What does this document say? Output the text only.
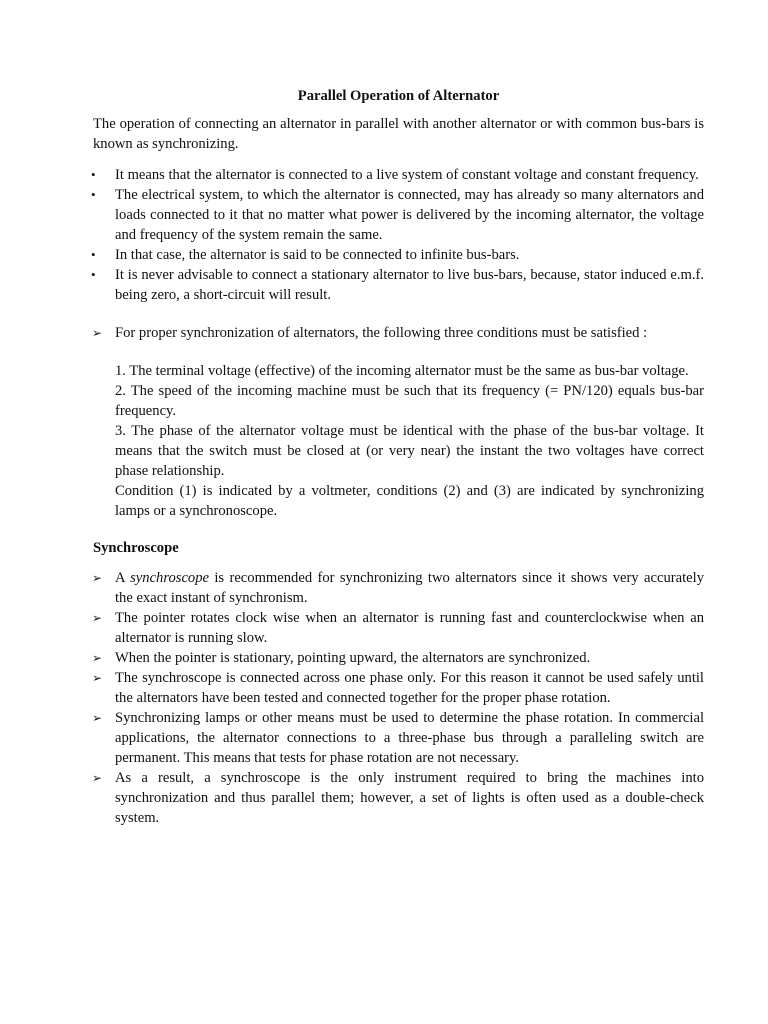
Parallel Operation of Alternator

The operation of connecting an alternator in parallel with another alternator or with common bus-bars is known as synchronizing.

•	It means that the alternator is connected to a live system of constant voltage and constant frequency.
•	The electrical system, to which the alternator is connected, may has already so many alternators and loads connected to it that no matter what power is delivered by the incoming alternator, the voltage and frequency of the system remain the same.
•	In that case, the alternator is said to be connected to infinite bus-bars.
•	It is never advisable to connect a stationary alternator to live bus-bars, because, stator induced e.m.f. being zero, a short-circuit will result.
➢ For proper synchronization of alternators, the following three conditions must be satisfied :

1. The terminal voltage (effective) of the incoming alternator must be the same as bus-bar voltage.

2. The speed of the incoming machine must be such that its frequency (= PN/120) equals bus-bar frequency.

3. The phase of the alternator voltage must be identical with the phase of the bus-bar voltage. It means that the switch must be closed at (or very near) the instant the two voltages have correct phase relationship.

Condition (1) is indicated by a voltmeter, conditions (2) and (3) are indicated by synchronizing lamps or a synchronoscope.

Synchroscope
➢ A synchroscope is recommended for synchronizing two alternators since it shows very accurately the exact instant of synchronism.
➢ The pointer rotates clock wise when an alternator is running fast and counterclockwise when an alternator is running slow.
➢ When the pointer is stationary, pointing upward, the alternators are synchronized.
➢ The synchroscope is connected across one phase only. For this reason it cannot be used safely until the alternators have been tested and connected together for the proper phase rotation.
➢ Synchronizing lamps or other means must be used to determine the phase rotation. In commercial applications, the alternator connections to a three-phase bus through a paralleling switch are permanent. This means that tests for phase rotation are not necessary.
➢ As a result, a synchroscope is the only instrument required to bring the machines into synchronization and thus parallel them; however, a set of lights is often used as a double-check system.
